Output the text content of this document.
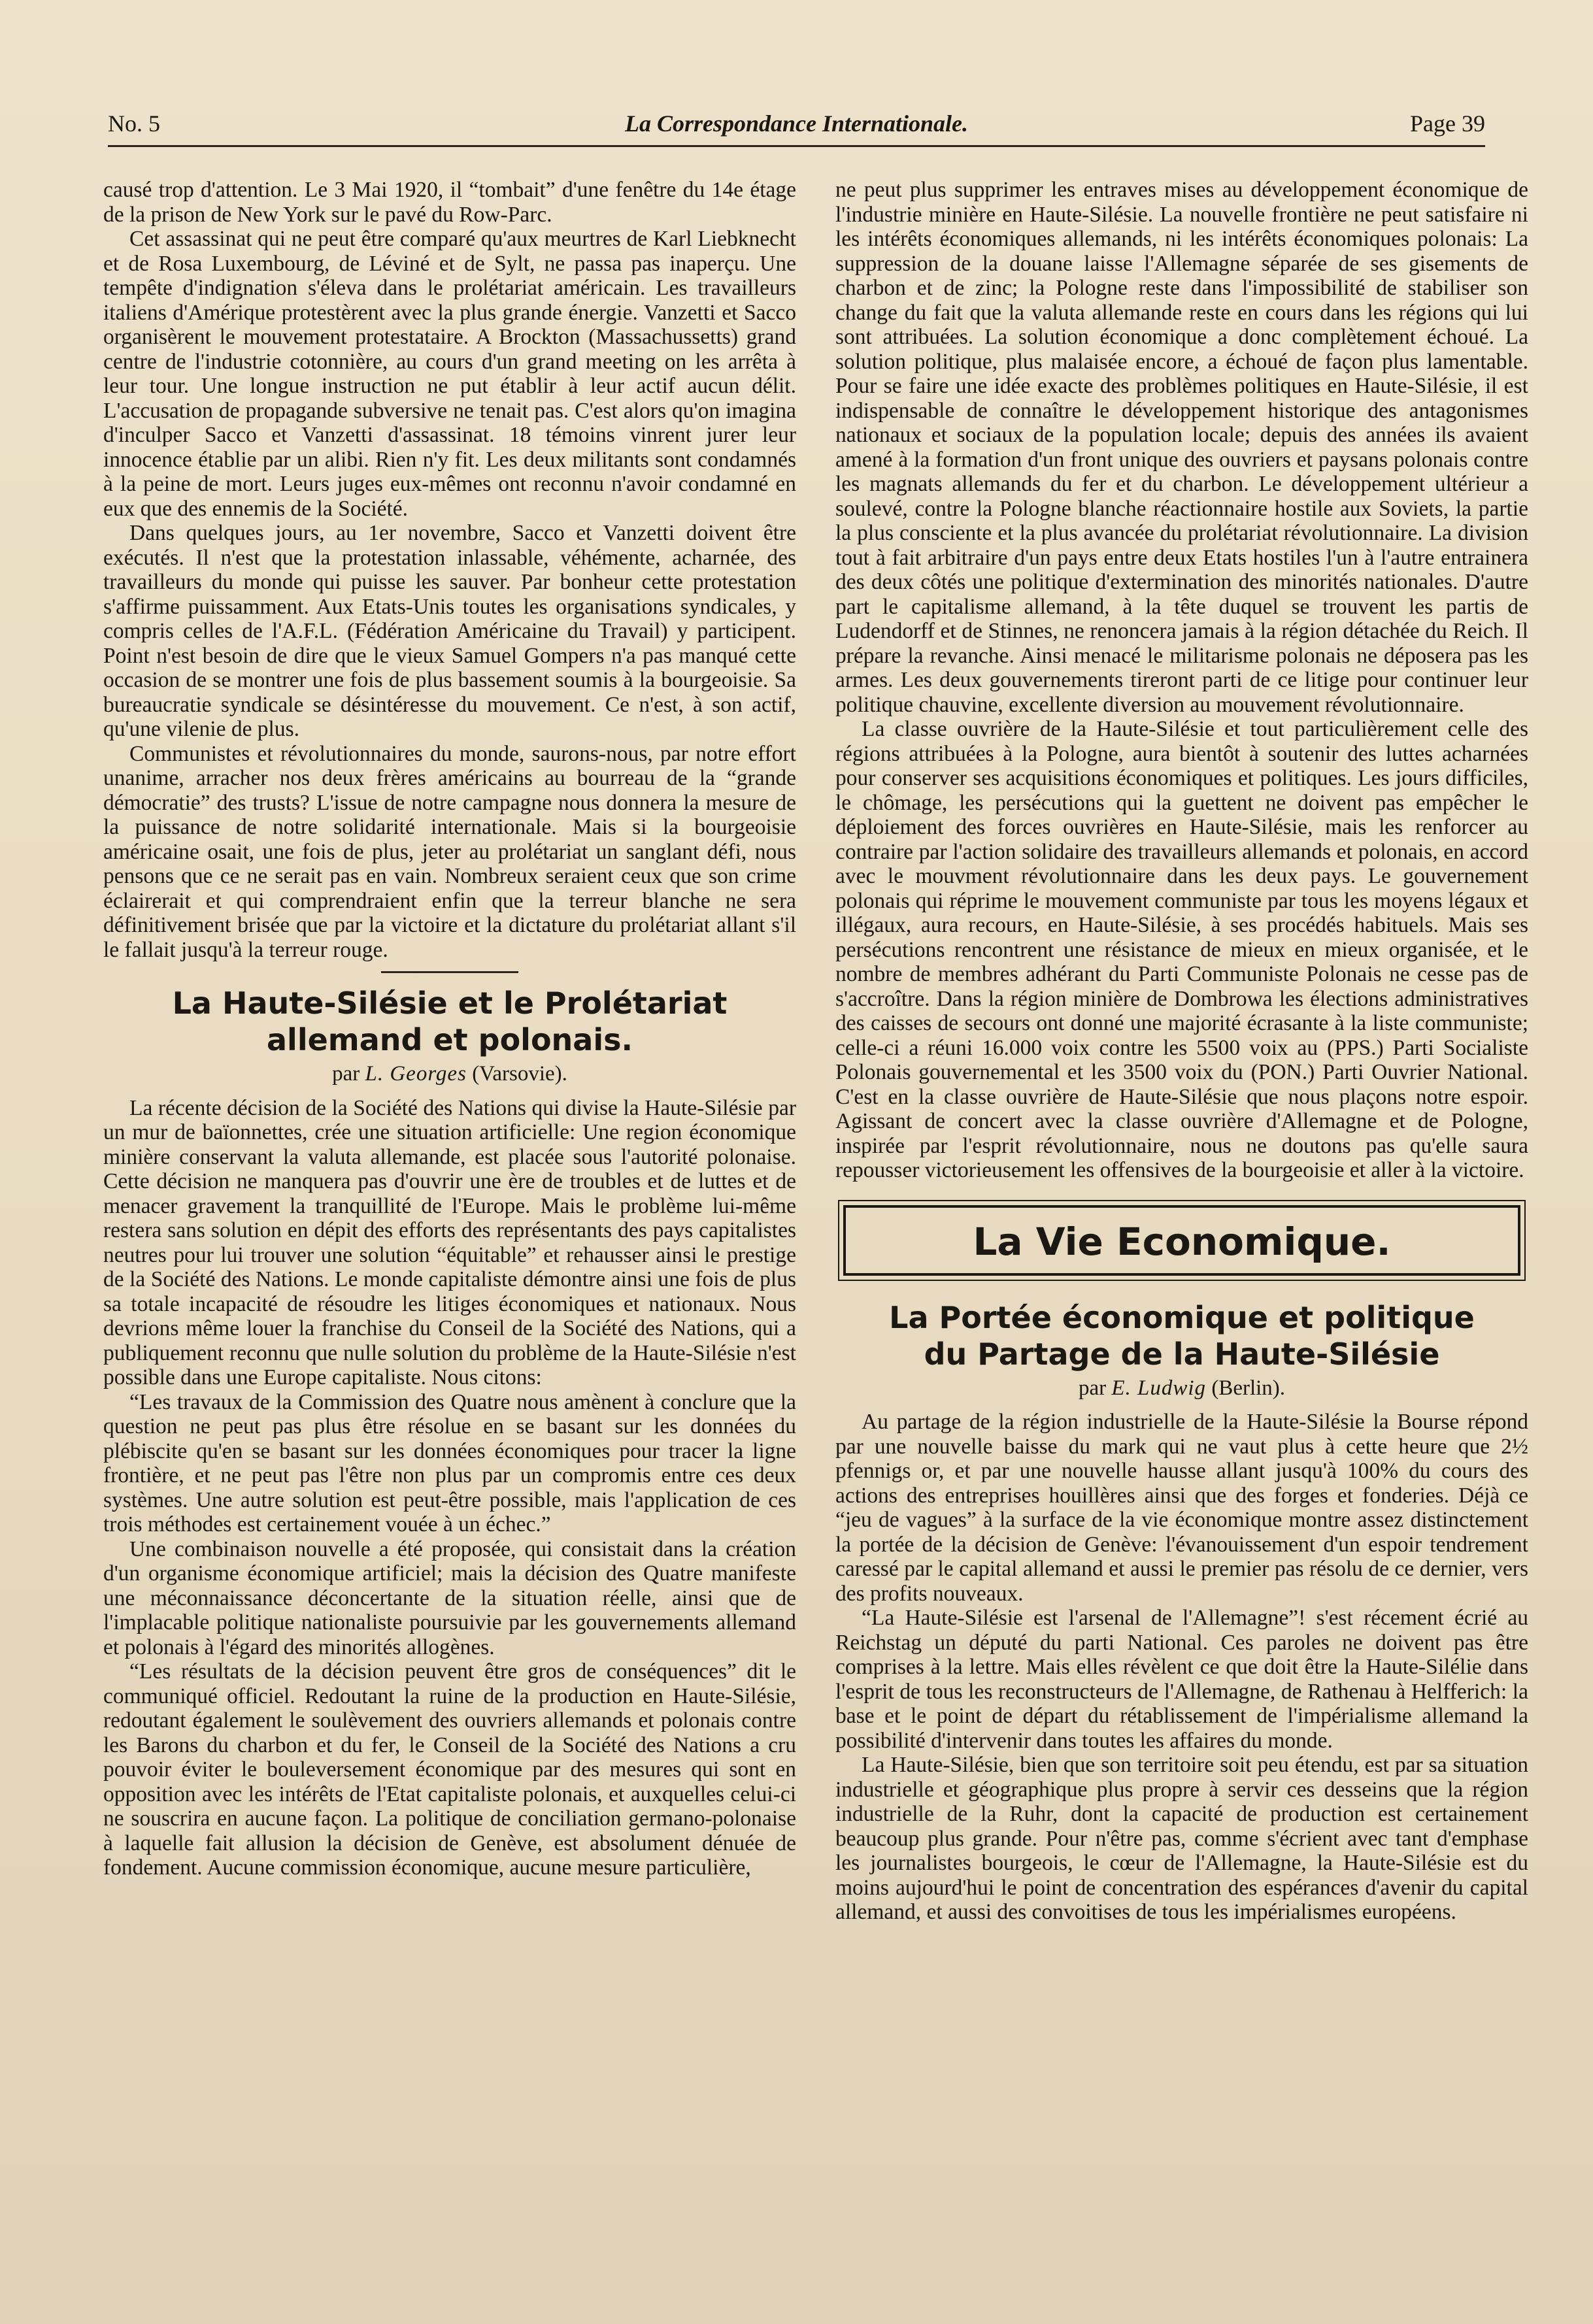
No. 5	La Correspondance Internationale.	Page 39

causé trop d'attention. Le 3 Mai 1920, il “tombait” d'une fenêtre du 14e étage de la prison de New York sur le pavé du Row-Parc.

Cet assassinat qui ne peut être comparé qu'aux meurtres de Karl Liebknecht et de Rosa Luxembourg, de Léviné et de Sylt, ne passa pas inaperçu. Une tempête d'indignation s'éleva dans le prolétariat américain. Les travailleurs italiens d'Amérique protestèrent avec la plus grande énergie. Vanzetti et Sacco organisèrent le mouvement protestataire. A Brockton (Massachussetts) grand centre de l'industrie cotonnière, au cours d'un grand meeting on les arrêta à leur tour. Une longue instruction ne put établir à leur actif aucun délit. L'accusation de propagande subversive ne tenait pas. C'est alors qu'on imagina d'inculper Sacco et Vanzetti d'assassinat. 18 témoins vinrent jurer leur innocence établie par un alibi. Rien n'y fit. Les deux militants sont condamnés à la peine de mort. Leurs juges eux-mêmes ont reconnu n'avoir condamné en eux que des ennemis de la Société.

Dans quelques jours, au 1er novembre, Sacco et Vanzetti doivent être exécutés. Il n'est que la protestation inlassable, véhémente, acharnée, des travailleurs du monde qui puisse les sauver. Par bonheur cette protestation s'affirme puissamment. Aux Etats-Unis toutes les organisations syndicales, y compris celles de l'A.F.L. (Fédération Américaine du Travail) y participent. Point n'est besoin de dire que le vieux Samuel Gompers n'a pas manqué cette occasion de se montrer une fois de plus bassement soumis à la bourgeoisie. Sa bureaucratie syndicale se désintéresse du mouvement. Ce n'est, à son actif, qu'une vilenie de plus.

Communistes et révolutionnaires du monde, saurons-nous, par notre effort unanime, arracher nos deux frères américains au bourreau de la “grande démocratie” des trusts? L'issue de notre campagne nous donnera la mesure de la puissance de notre solidarité internationale. Mais si la bourgeoisie américaine osait, une fois de plus, jeter au prolétariat un sanglant défi, nous pensons que ce ne serait pas en vain. Nombreux seraient ceux que son crime éclairerait et qui comprendraient enfin que la terreur blanche ne sera définitivement brisée que par la victoire et la dictature du prolétariat allant s'il le fallait jusqu'à la terreur rouge.

La Haute-Silésie et le Prolétariat
allemand et polonais.
par L. Georges (Varsovie).

La récente décision de la Société des Nations qui divise la Haute-Silésie par un mur de baïonnettes, crée une situation artificielle: Une region économique minière conservant la valuta allemande, est placée sous l'autorité polonaise. Cette décision ne manquera pas d'ouvrir une ère de troubles et de luttes et de menacer gravement la tranquillité de l'Europe. Mais le problème lui-même restera sans solution en dépit des efforts des représentants des pays capitalistes neutres pour lui trouver une solution “équitable” et rehausser ainsi le prestige de la Société des Nations. Le monde capitaliste démontre ainsi une fois de plus sa totale incapacité de résoudre les litiges économiques et nationaux. Nous devrions même louer la franchise du Conseil de la Société des Nations, qui a publiquement reconnu que nulle solution du problème de la Haute-Silésie n'est possible dans une Europe capitaliste. Nous citons:

“Les travaux de la Commission des Quatre nous amènent à conclure que la question ne peut pas plus être résolue en se basant sur les données du plébiscite qu'en se basant sur les données économiques pour tracer la ligne frontière, et ne peut pas l'être non plus par un compromis entre ces deux systèmes. Une autre solution est peut-être possible, mais l'application de ces trois méthodes est certainement vouée à un échec.”

Une combinaison nouvelle a été proposée, qui consistait dans la création d'un organisme économique artificiel; mais la décision des Quatre manifeste une méconnaissance déconcertante de la situation réelle, ainsi que de l'implacable politique nationaliste poursuivie par les gouvernements allemand et polonais à l'égard des minorités allogènes.

“Les résultats de la décision peuvent être gros de conséquences” dit le communiqué officiel. Redoutant la ruine de la production en Haute-Silésie, redoutant également le soulèvement des ouvriers allemands et polonais contre les Barons du charbon et du fer, le Conseil de la Société des Nations a cru pouvoir éviter le bouleversement économique par des mesures qui sont en opposition avec les intérêts de l'Etat capitaliste polonais, et auxquelles celui-ci ne souscrira en aucune façon. La politique de conciliation germano-polonaise à laquelle fait allusion la décision de Genève, est absolument dénuée de fondement. Aucune commission économique, aucune mesure particulière,

ne peut plus supprimer les entraves mises au développement économique de l'industrie minière en Haute-Silésie. La nouvelle frontière ne peut satisfaire ni les intérêts économiques allemands, ni les intérêts économiques polonais: La suppression de la douane laisse l'Allemagne séparée de ses gisements de charbon et de zinc; la Pologne reste dans l'impossibilité de stabiliser son change du fait que la valuta allemande reste en cours dans les régions qui lui sont attribuées. La solution économique a donc complètement échoué. La solution politique, plus malaisée encore, a échoué de façon plus lamentable. Pour se faire une idée exacte des problèmes politiques en Haute-Silésie, il est indispensable de connaître le développement historique des antagonismes nationaux et sociaux de la population locale; depuis des années ils avaient amené à la formation d'un front unique des ouvriers et paysans polonais contre les magnats allemands du fer et du charbon. Le développement ultérieur a soulevé, contre la Pologne blanche réactionnaire hostile aux Soviets, la partie la plus consciente et la plus avancée du prolétariat révolutionnaire. La division tout à fait arbitraire d'un pays entre deux Etats hostiles l'un à l'autre entrainera des deux côtés une politique d'extermination des minorités nationales. D'autre part le capitalisme allemand, à la tête duquel se trouvent les partis de Ludendorff et de Stinnes, ne renoncera jamais à la région détachée du Reich. Il prépare la revanche. Ainsi menacé le militarisme polonais ne déposera pas les armes. Les deux gouvernements tireront parti de ce litige pour continuer leur politique chauvine, excellente diversion au mouvement révolutionnaire.

La classe ouvrière de la Haute-Silésie et tout particulièrement celle des régions attribuées à la Pologne, aura bientôt à soutenir des luttes acharnées pour conserver ses acquisitions économiques et politiques. Les jours difficiles, le chômage, les persécutions qui la guettent ne doivent pas empêcher le déploiement des forces ouvrières en Haute-Silésie, mais les renforcer au contraire par l'action solidaire des travailleurs allemands et polonais, en accord avec le mouvment révolutionnaire dans les deux pays. Le gouvernement polonais qui réprime le mouvement communiste par tous les moyens légaux et illégaux, aura recours, en Haute-Silésie, à ses procédés habituels. Mais ses persécutions rencontrent une résistance de mieux en mieux organisée, et le nombre de membres adhérant du Parti Communiste Polonais ne cesse pas de s'accroître. Dans la région minière de Dombrowa les élections administratives des caisses de secours ont donné une majorité écrasante à la liste communiste; celle-ci a réuni 16.000 voix contre les 5500 voix au (PPS.) Parti Socialiste Polonais gouvernemental et les 3500 voix du (PON.) Parti Ouvrier National. C'est en la classe ouvrière de Haute-Silésie que nous plaçons notre espoir. Agissant de concert avec la classe ouvrière d'Allemagne et de Pologne, inspirée par l'esprit révolutionnaire, nous ne doutons pas qu'elle saura repousser victorieusement les offensives de la bourgeoisie et aller à la victoire.

La Vie Economique.
La Portée économique et politique
du Partage de la Haute-Silésie
par E. Ludwig (Berlin).

Au partage de la région industrielle de la Haute-Silésie la Bourse répond par une nouvelle baisse du mark qui ne vaut plus à cette heure que 2½ pfennigs or, et par une nouvelle hausse allant jusqu'à 100% du cours des actions des entreprises houillères ainsi que des forges et fonderies. Déjà ce “jeu de vagues” à la surface de la vie économique montre assez distinctement la portée de la décision de Genève: l'évanouissement d'un espoir tendrement caressé par le capital allemand et aussi le premier pas résolu de ce dernier, vers des profits nouveaux.

“La Haute-Silésie est l'arsenal de l'Allemagne”! s'est récement écrié au Reichstag un député du parti National. Ces paroles ne doivent pas être comprises à la lettre. Mais elles révèlent ce que doit être la Haute-Silélie dans l'esprit de tous les reconstructeurs de l'Allemagne, de Rathenau à Helfferich: la base et le point de départ du rétablissement de l'impérialisme allemand la possibilité d'intervenir dans toutes les affaires du monde.

La Haute-Silésie, bien que son territoire soit peu étendu, est par sa situation industrielle et géographique plus propre à servir ces desseins que la région industrielle de la Ruhr, dont la capacité de production est certainement beaucoup plus grande. Pour n'être pas, comme s'écrient avec tant d'emphase les journalistes bourgeois, le cœur de l'Allemagne, la Haute-Silésie est du moins aujourd'hui le point de concentration des espérances d'avenir du capital allemand, et aussi des convoitises de tous les impérialismes européens.
